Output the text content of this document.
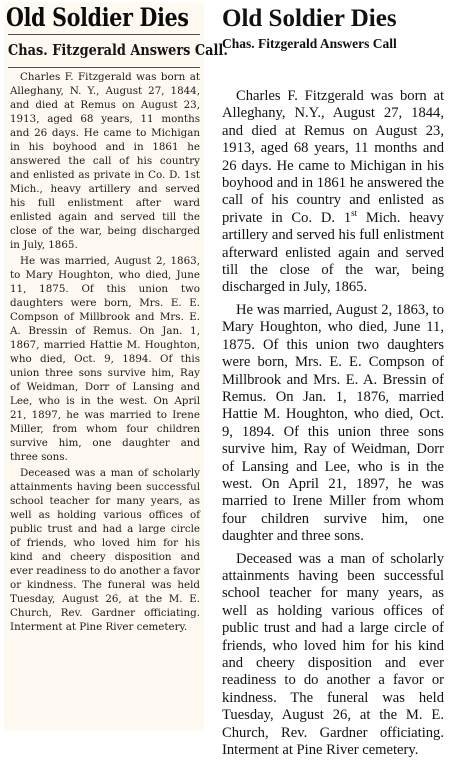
Old Soldier Dies
Chas. Fitzgerald Answers Call.

Charles F. Fitzgerald was born at Alleghany, N. Y., August 27, 1844, and died at Remus on August 23, 1913, aged 68 years, 11 months and 26 days. He came to Michigan in his boyhood and in 1861 he answered the call of his country and enlisted as private in Co. D. 1st Mich., heavy artillery and served his full enlistment after ward enlisted again and served till the close of the war, being discharged in July, 1865.

He was married, August 2, 1863, to Mary Houghton, who died, June 11, 1875. Of this union two daughters were born, Mrs. E. E. Compson of Millbrook and Mrs. E. A. Bressin of Remus. On Jan. 1, 1867, married Hattie M. Houghton, who died, Oct. 9, 1894. Of this union three sons survive him, Ray of Weidman, Dorr of Lansing and Lee, who is in the west. On April 21, 1897, he was married to Irene Miller, from whom four children survive him, one daughter and three sons.

Deceased was a man of scholarly attainments having been successful school teacher for many years, as well as holding various offices of public trust and had a large circle of friends, who loved him for his kind and cheery disposition and ever readiness to do another a favor or kindness. The funeral was held Tuesday, August 26, at the M. E. Church, Rev. Gardner officiating. Interment at Pine River cemetery.

Old Soldier Dies
Chas. Fitzgerald Answers Call

Charles F. Fitzgerald was born at Alleghany, N.Y., August 27, 1844, and died at Remus on August 23, 1913, aged 68 years, 11 months and 26 days. He came to Michigan in his boyhood and in 1861 he answered the call of his country and enlisted as private in Co. D. 1st Mich. heavy artillery and served his full enlistment afterward enlisted again and served till the close of the war, being discharged in July, 1865.

He was married, August 2, 1863, to Mary Houghton, who died, June 11, 1875. Of this union two daughters were born, Mrs. E. E. Compson of Millbrook and Mrs. E. A. Bressin of Remus. On Jan. 1, 1876, married Hattie M. Houghton, who died, Oct. 9, 1894. Of this union three sons survive him, Ray of Weidman, Dorr of Lansing and Lee, who is in the west. On April 21, 1897, he was married to Irene Miller from whom four children survive him, one daughter and three sons.

Deceased was a man of scholarly attainments having been successful school teacher for many years, as well as holding various offices of public trust and had a large circle of friends, who loved him for his kind and cheery disposition and ever readiness to do another a favor or kindness. The funeral was held Tuesday, August 26, at the M. E. Church, Rev. Gardner officiating. Interment at Pine River cemetery.
